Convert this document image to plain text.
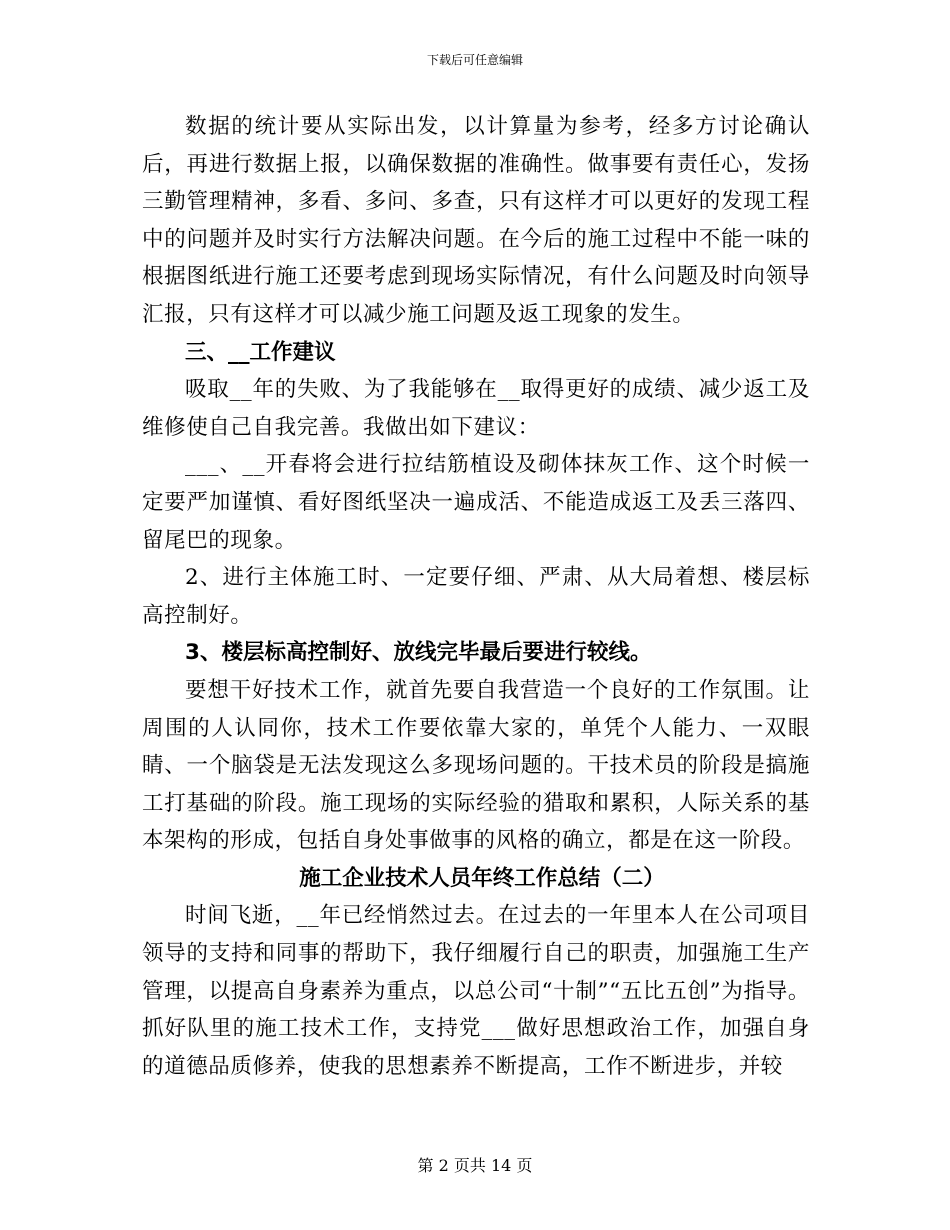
下载后可任意编辑

数据的统计要从实际出发，以计算量为参考，经多方讨论确认后，再进行数据上报，以确保数据的准确性。做事要有责任心，发扬三勤管理精神，多看、多问、多查，只有这样才可以更好的发现工程中的问题并及时实行方法解决问题。在今后的施工过程中不能一味的根据图纸进行施工还要考虑到现场实际情况，有什么问题及时向领导汇报，只有这样才可以减少施工问题及返工现象的发生。

三、__工作建议

吸取__年的失败、为了我能够在__取得更好的成绩、减少返工及维修使自己自我完善。我做出如下建议：

___、__开春将会进行拉结筋植设及砌体抹灰工作、这个时候一定要严加谨慎、看好图纸坚决一遍成活、不能造成返工及丢三落四、留尾巴的现象。

2、进行主体施工时、一定要仔细、严肃、从大局着想、楼层标高控制好。

3、楼层标高控制好、放线完毕最后要进行较线。

要想干好技术工作，就首先要自我营造一个良好的工作氛围。让周围的人认同你，技术工作要依靠大家的，单凭个人能力、一双眼睛、一个脑袋是无法发现这么多现场问题的。干技术员的阶段是搞施工打基础的阶段。施工现场的实际经验的猎取和累积，人际关系的基本架构的形成，包括自身处事做事的风格的确立，都是在这一阶段。

施工企业技术人员年终工作总结（二）

时间飞逝，__年已经悄然过去。在过去的一年里本人在公司项目领导的支持和同事的帮助下，我仔细履行自己的职责，加强施工生产管理，以提高自身素养为重点，以总公司“十制”“五比五创”为指导。抓好队里的施工技术工作，支持党___做好思想政治工作，加强自身的道德品质修养，使我的思想素养不断提高，工作不断进步，并较

第 2 页共 14 页
